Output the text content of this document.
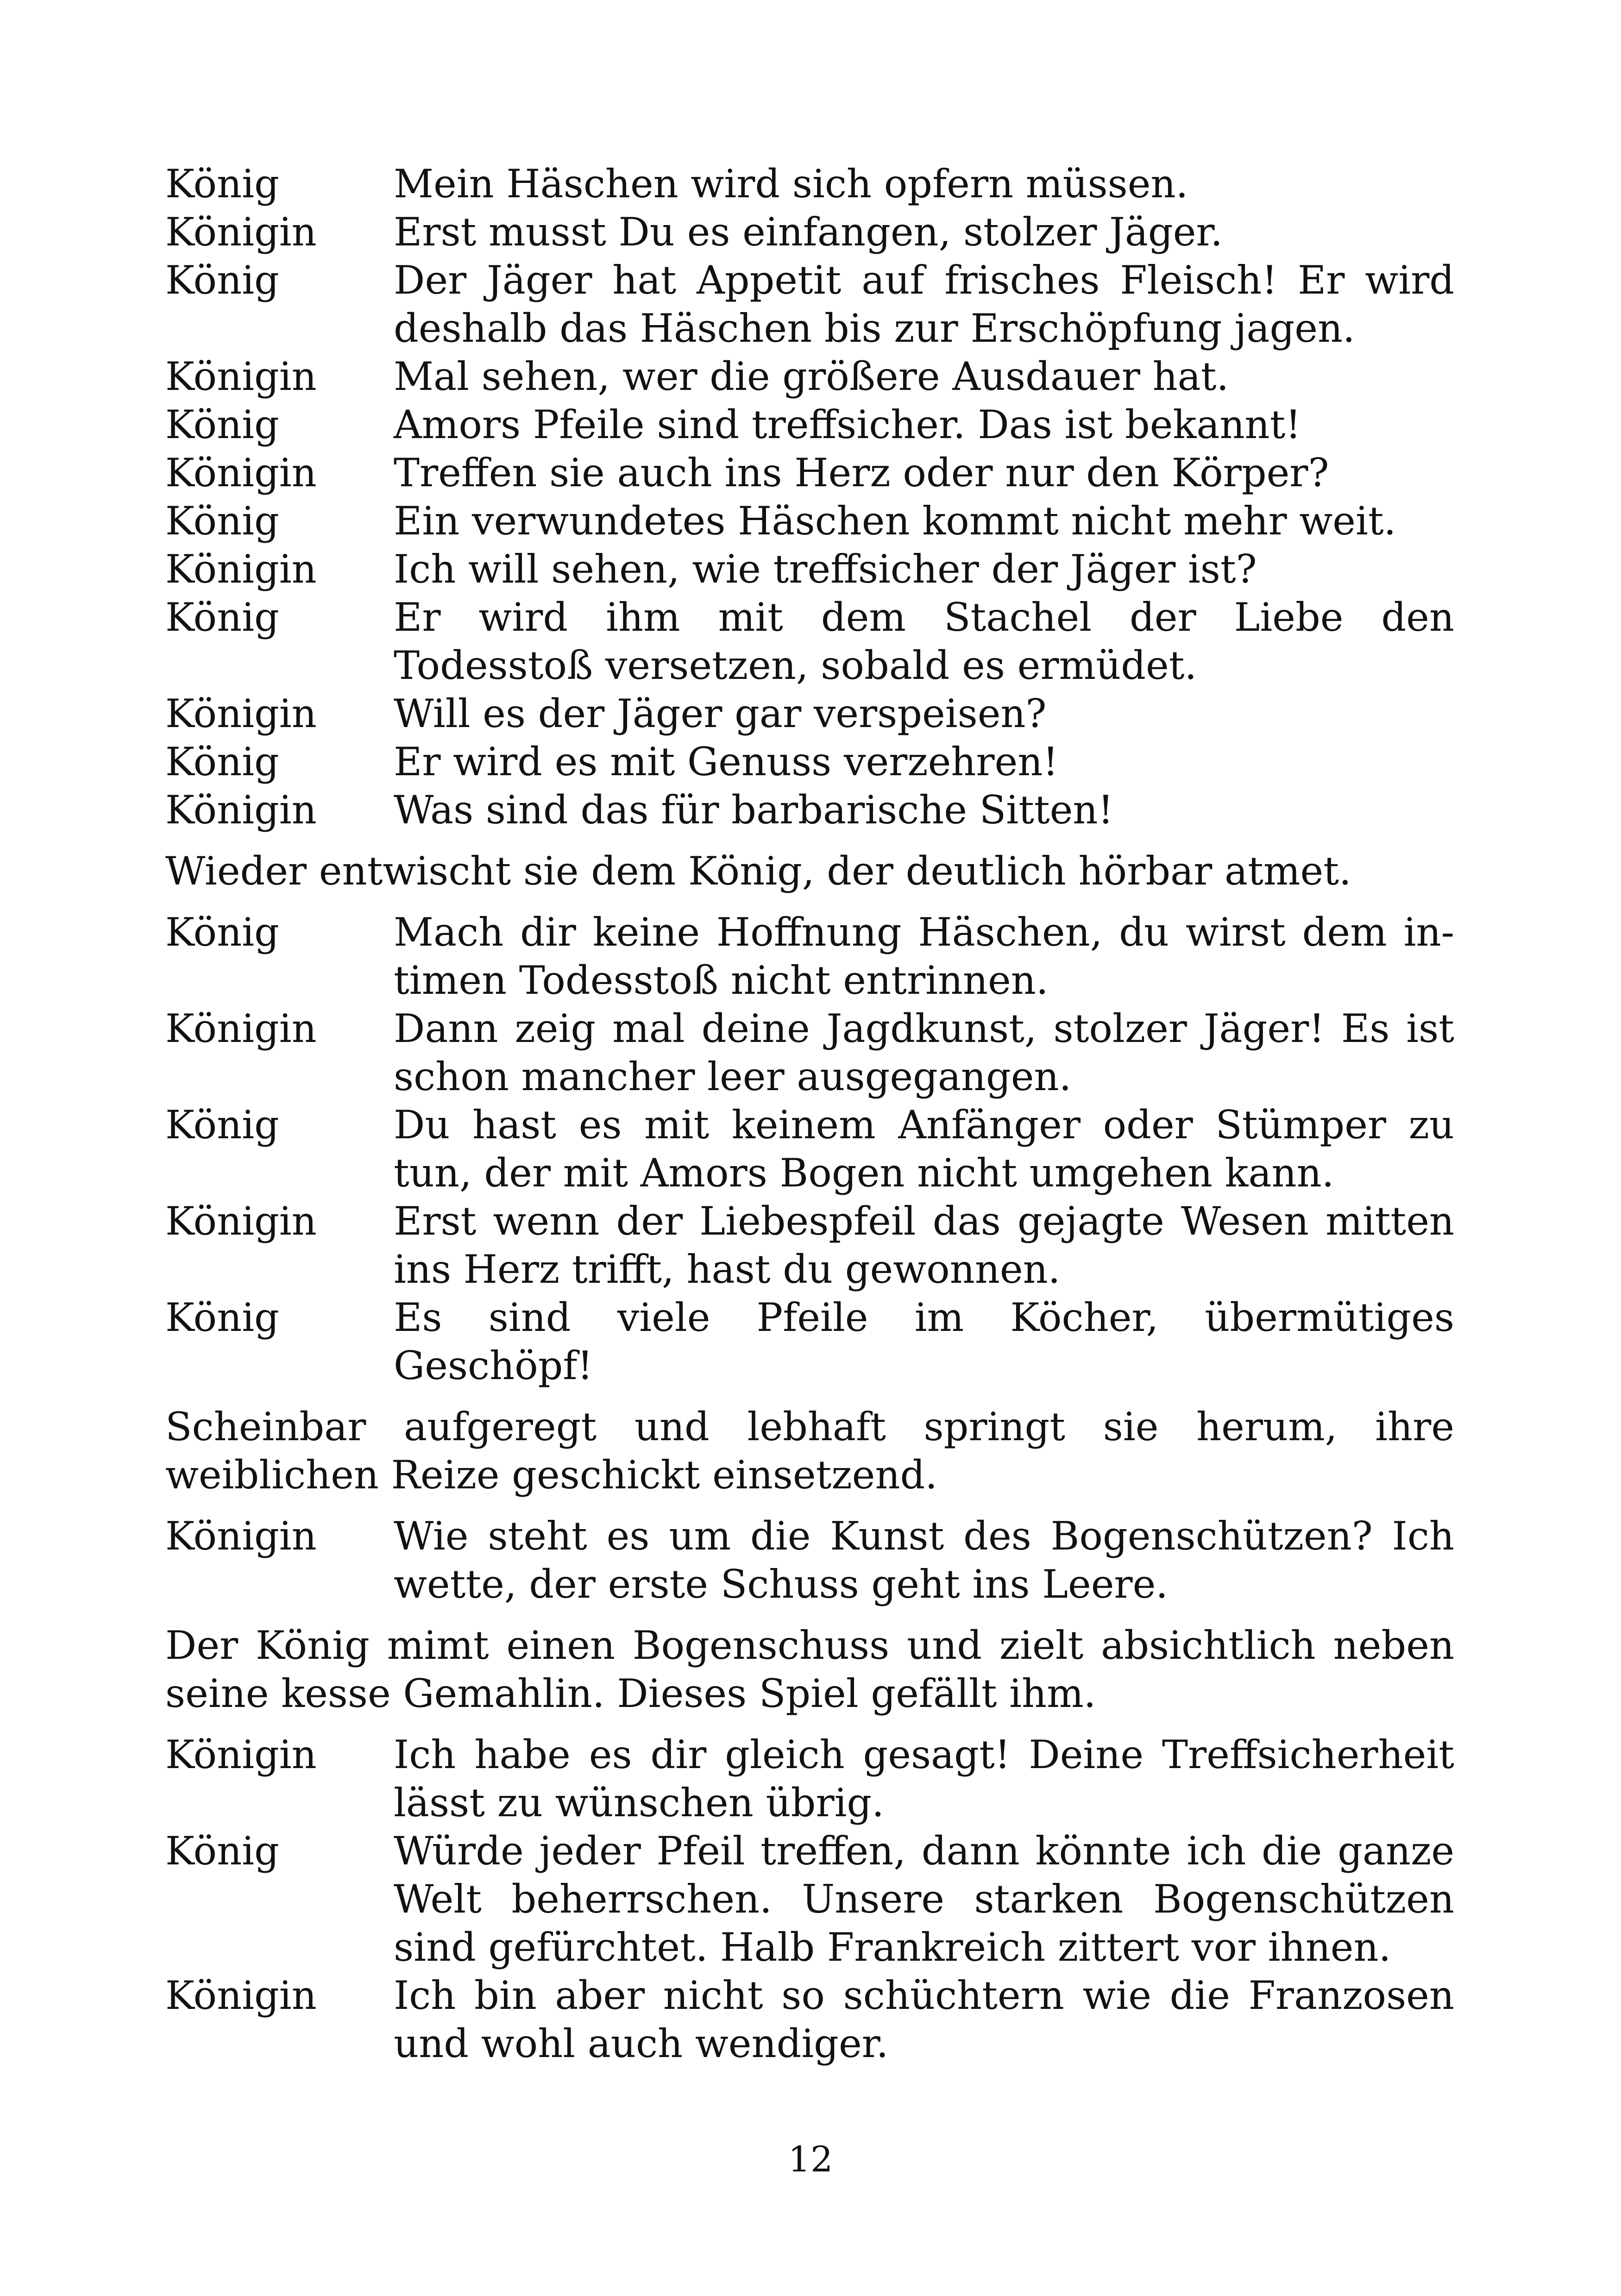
König	Mein Häschen wird sich opfern müssen.
Königin	Erst musst Du es einfangen, stolzer Jäger.
König	Der Jäger hat Appetit auf frisches Fleisch! Er wird deshalb das Häschen bis zur Erschöpfung jagen.
Königin	Mal sehen, wer die größere Ausdauer hat.
König	Amors Pfeile sind treffsicher. Das ist bekannt!
Königin	Treffen sie auch ins Herz oder nur den Körper?
König	Ein verwundetes Häschen kommt nicht mehr weit.
Königin	Ich will sehen, wie treffsicher der Jäger ist?
König	Er wird ihm mit dem Stachel der Liebe den Todesstoß versetzen, sobald es ermüdet.
Königin	Will es der Jäger gar verspeisen?
König	Er wird es mit Genuss verzehren!
Königin	Was sind das für barbarische Sitten!
Wieder entwischt sie dem König, der deutlich hörbar atmet.
König	Mach dir keine Hoffnung Häschen, du wirst dem intimen Todesstoß nicht entrinnen.
Königin	Dann zeig mal deine Jagdkunst, stolzer Jäger! Es ist schon mancher leer ausgegangen.
König	Du hast es mit keinem Anfänger oder Stümper zu tun, der mit Amors Bogen nicht umgehen kann.
Königin	Erst wenn der Liebespfeil das gejagte Wesen mitten ins Herz trifft, hast du gewonnen.
König	Es sind viele Pfeile im Köcher, übermütiges Geschöpf!
Scheinbar aufgeregt und lebhaft springt sie herum, ihre weiblichen Reize geschickt einsetzend.
Königin	Wie steht es um die Kunst des Bogenschützen? Ich wette, der erste Schuss geht ins Leere.
Der König mimt einen Bogenschuss und zielt absichtlich neben seine kesse Gemahlin. Dieses Spiel gefällt ihm.
Königin	Ich habe es dir gleich gesagt! Deine Treffsicherheit lässt zu wünschen übrig.
König	Würde jeder Pfeil treffen, dann könnte ich die ganze Welt beherrschen. Unsere starken Bogenschützen sind gefürchtet. Halb Frankreich zittert vor ihnen.
Königin	Ich bin aber nicht so schüchtern wie die Franzosen und wohl auch wendiger.
12
